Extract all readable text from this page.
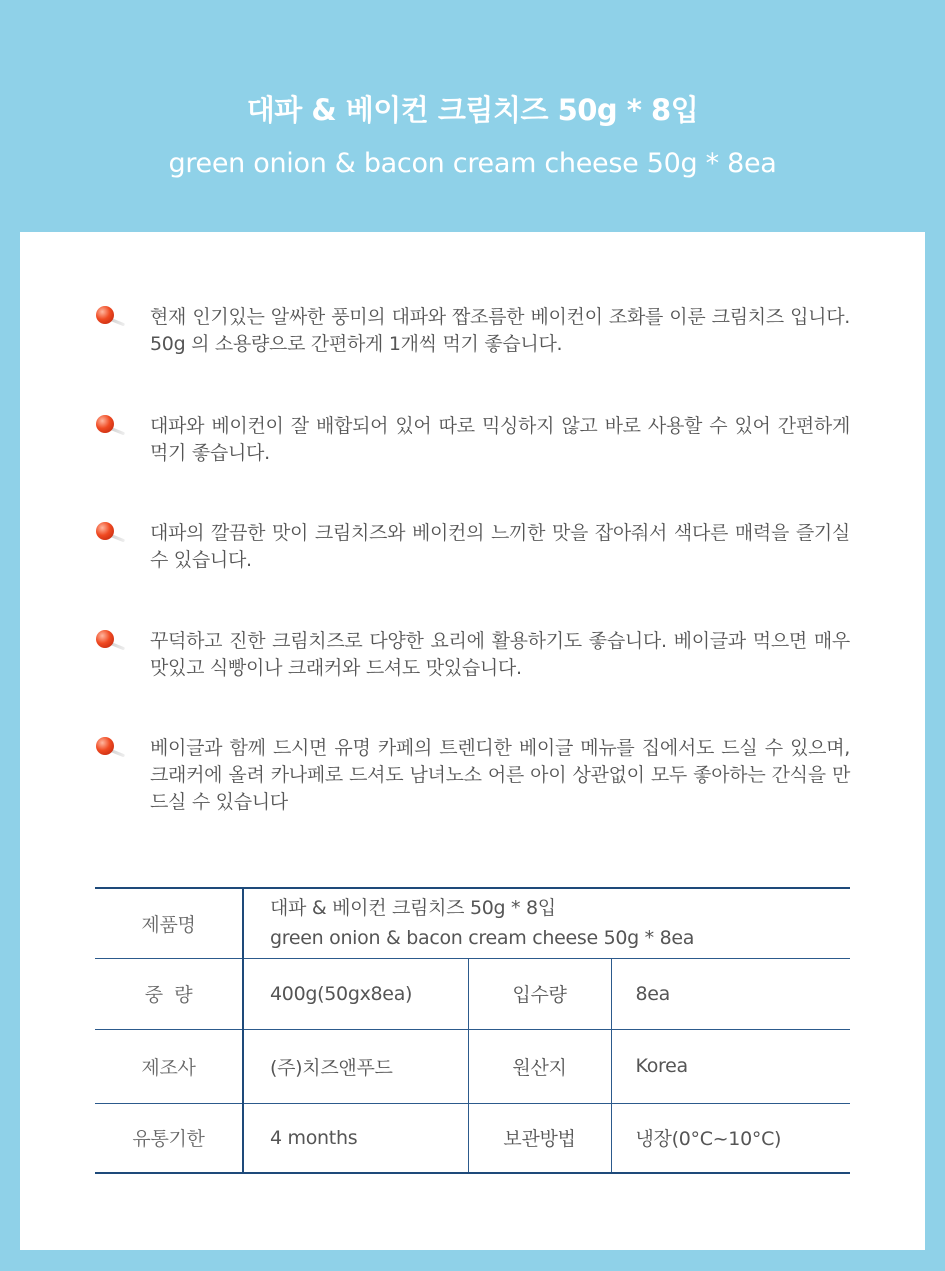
대파 & 베이컨 크림치즈 50g * 8입
green onion & bacon cream cheese 50g * 8ea
현재 인기있는 알싸한 풍미의 대파와 짭조름한 베이컨이 조화를 이룬 크림치즈 입니다. 50g 의 소용량으로 간편하게 1개씩 먹기 좋습니다.
대파와 베이컨이 잘 배합되어 있어 따로 믹싱하지 않고 바로 사용할 수 있어 간편하게 먹기 좋습니다.
대파의 깔끔한 맛이 크림치즈와 베이컨의 느끼한 맛을 잡아줘서 색다른 매력을 즐기실 수 있습니다.
꾸덕하고 진한 크림치즈로 다양한 요리에 활용하기도 좋습니다. 베이글과 먹으면 매우 맛있고 식빵이나 크래커와 드셔도 맛있습니다.
베이글과 함께 드시면 유명 카페의 트렌디한 베이글 메뉴를 집에서도 드실 수 있으며, 크래커에 올려 카나페로 드셔도 남녀노소 어른 아이 상관없이 모두 좋아하는 간식을 만드실 수 있습니다
제품명	대파 & 베이컨 크림치즈 50g * 8입
green onion & bacon cream cheese 50g * 8ea		

중  량	400g(50gx8ea)	입수량	8ea
제조사	(주)치즈앤푸드	원산지	Korea
유통기한	4 months	보관방법	냉장(0°C~10°C)
